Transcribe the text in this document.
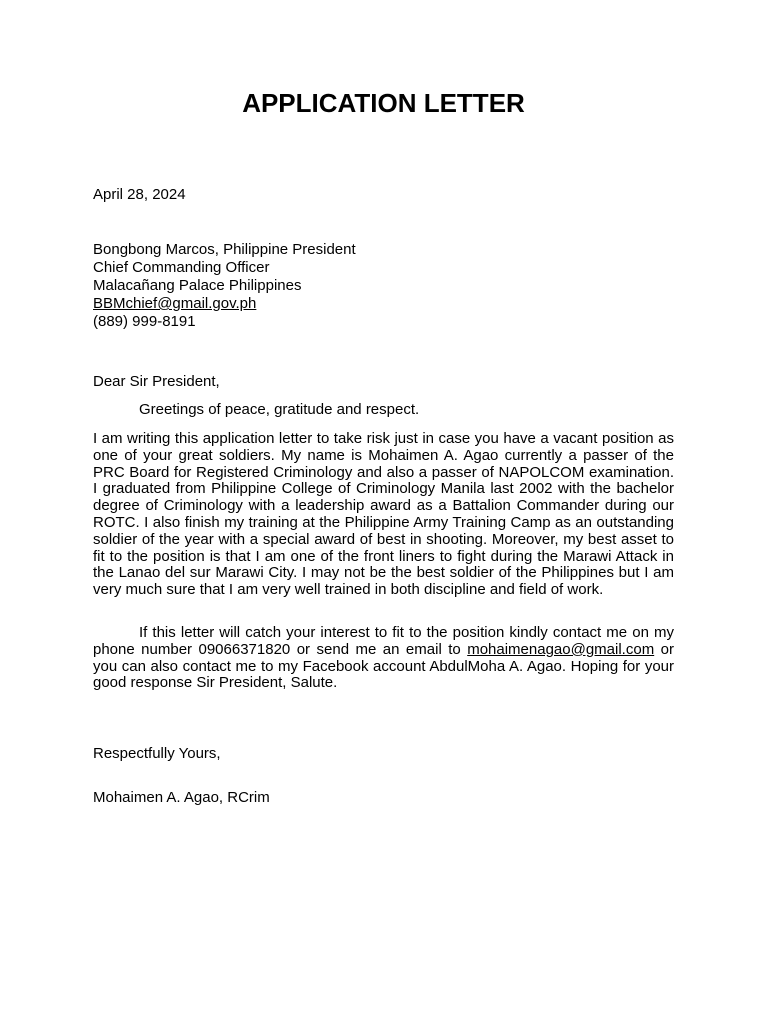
APPLICATION LETTER

April 28, 2024

Bongbong Marcos, Philippine President
Chief Commanding Officer
Malacañang Palace Philippines
BBMchief@gmail.gov.ph
(889) 999-8191

Dear Sir President,

Greetings of peace, gratitude and respect.

I am writing this application letter to take risk just in case you have a vacant position as one of your great soldiers. My name is Mohaimen A. Agao currently a passer of the PRC Board for Registered Criminology and also a passer of NAPOLCOM examination. I graduated from Philippine College of Criminology Manila last 2002 with the bachelor degree of Criminology with a leadership award as a Battalion Commander during our ROTC. I also finish my training at the Philippine Army Training Camp as an outstanding soldier of the year with a special award of best in shooting. Moreover, my best asset to fit to the position is that I am one of the front liners to fight during the Marawi Attack in the Lanao del sur Marawi City. I may not be the best soldier of the Philippines but I am very much sure that I am very well trained in both discipline and field of work.

If this letter will catch your interest to fit to the position kindly contact me on my phone number 09066371820 or send me an email to mohaimenagao@gmail.com or you can also contact me to my Facebook account AbdulMoha A. Agao. Hoping for your good response Sir President, Salute.

Respectfully Yours,

Mohaimen A. Agao, RCrim
